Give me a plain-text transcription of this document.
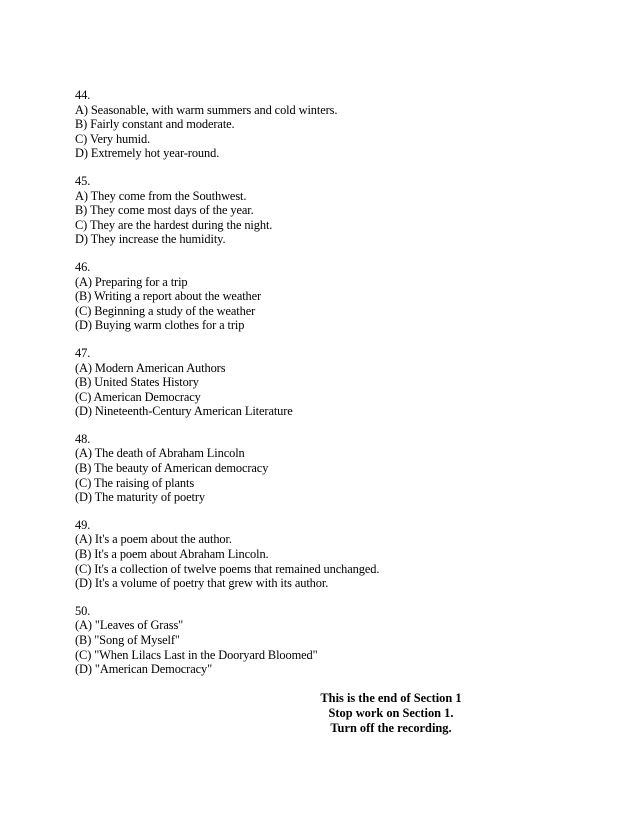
44.
A) Seasonable, with warm summers and cold winters.
B) Fairly constant and moderate.
C) Very humid.
D) Extremely hot year-round.
45.
A) They come from the Southwest.
B) They come most days of the year.
C) They are the hardest during the night.
D) They increase the humidity.
46.
(A) Preparing for a trip
(B) Writing a report about the weather
(C) Beginning a study of the weather
(D) Buying warm clothes for a trip
47.
(A) Modern American Authors
(B) United States History
(C) American Democracy
(D) Nineteenth-Century American Literature
48.
(A) The death of Abraham Lincoln
(B) The beauty of American democracy
(C) The raising of plants
(D) The maturity of poetry
49.
(A) It's a poem about the author.
(B) It's a poem about Abraham Lincoln.
(C) It's a collection of twelve poems that remained unchanged.
(D) It's a volume of poetry that grew with its author.
50.
(A) "Leaves of Grass"
(B) "Song of Myself"
(C) "When Lilacs Last in the Dooryard Bloomed"
(D) "American Democracy"
This is the end of Section 1
Stop work on Section 1.
Turn off the recording.
